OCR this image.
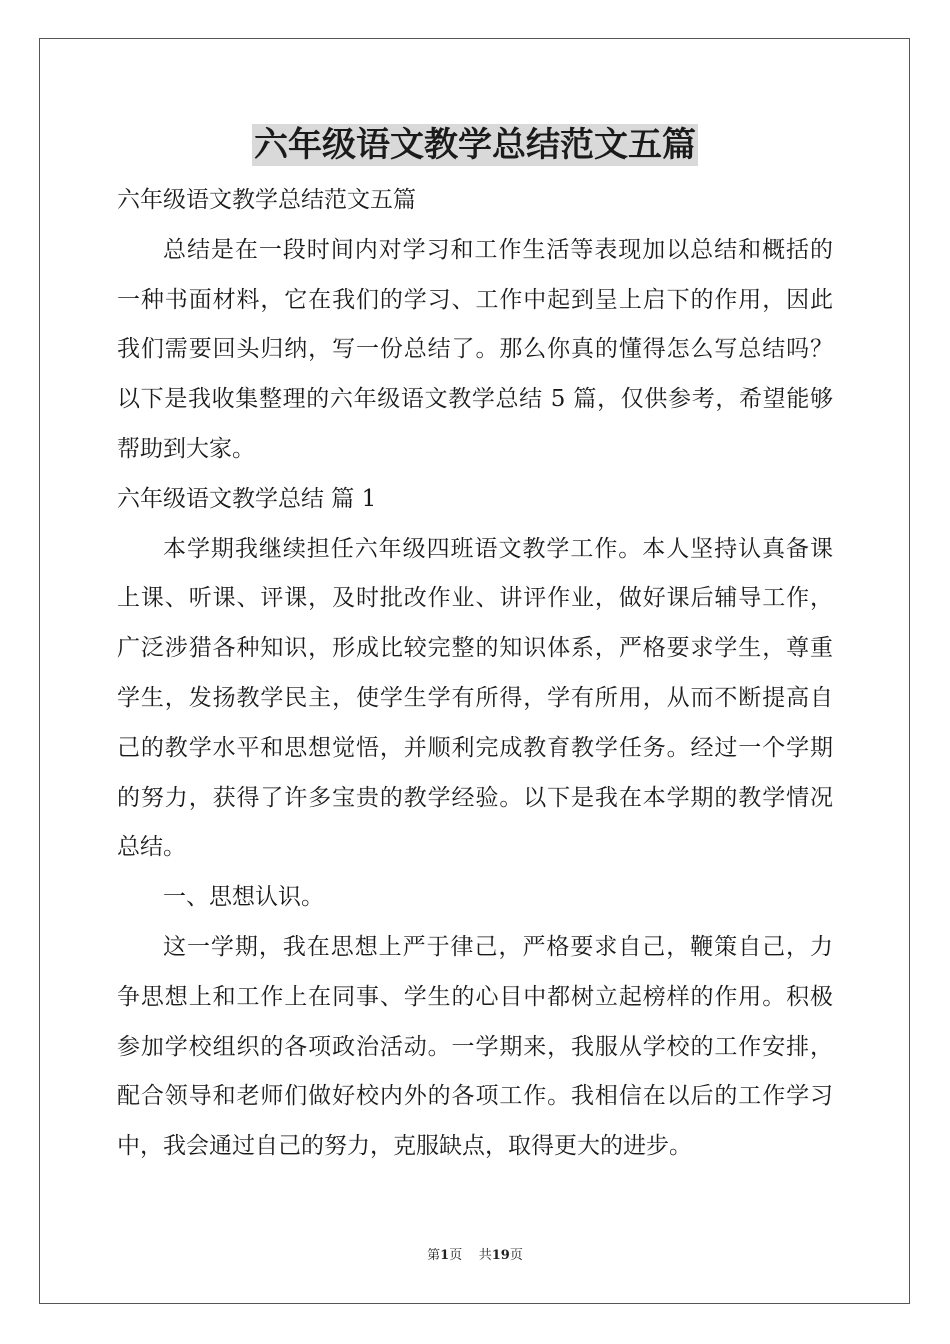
六年级语文教学总结范文五篇
六年级语文教学总结范文五篇
总结是在一段时间内对学习和工作生活等表现加以总结和概括的
一种书面材料，它在我们的学习、工作中起到呈上启下的作用，因此
我们需要回头归纳，写一份总结了。那么你真的懂得怎么写总结吗？
以下是我收集整理的六年级语文教学总结 5 篇，仅供参考，希望能够
帮助到大家。
六年级语文教学总结 篇 1
本学期我继续担任六年级四班语文教学工作。本人坚持认真备课
上课、听课、评课，及时批改作业、讲评作业，做好课后辅导工作，
广泛涉猎各种知识，形成比较完整的知识体系，严格要求学生，尊重
学生，发扬教学民主，使学生学有所得，学有所用，从而不断提高自
己的教学水平和思想觉悟，并顺利完成教育教学任务。经过一个学期
的努力，获得了许多宝贵的教学经验。以下是我在本学期的教学情况
总结。
一、思想认识。
这一学期，我在思想上严于律己，严格要求自己，鞭策自己，力
争思想上和工作上在同事、学生的心目中都树立起榜样的作用。积极
参加学校组织的各项政治活动。一学期来，我服从学校的工作安排，
配合领导和老师们做好校内外的各项工作。我相信在以后的工作学习
中，我会通过自己的努力，克服缺点，取得更大的进步。
第1页 共19页
